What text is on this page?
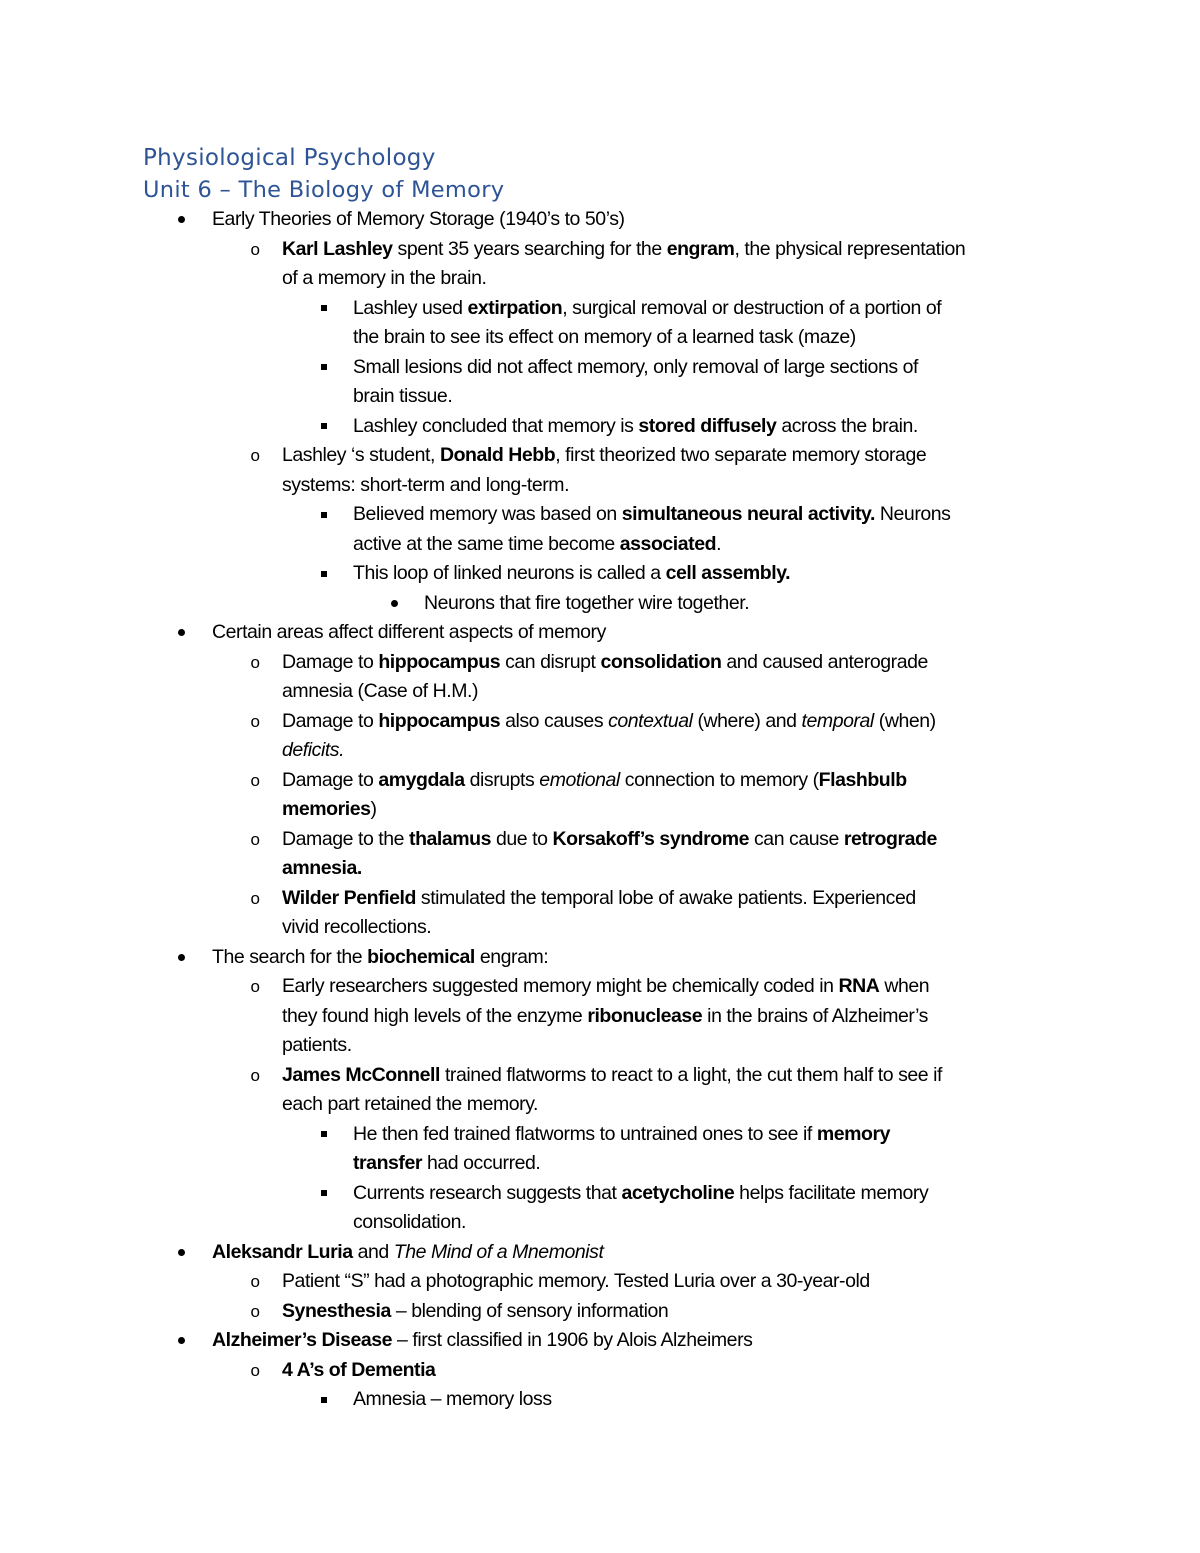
Physiological Psychology
Unit 6 – The Biology of Memory
Early Theories of Memory Storage (1940’s to 50’s)
o Karl Lashley spent 35 years searching for the engram, the physical representation
of a memory in the brain.
Lashley used extirpation, surgical removal or destruction of a portion of
the brain to see its effect on memory of a learned task (maze)
Small lesions did not affect memory, only removal of large sections of
brain tissue.
Lashley concluded that memory is stored diffusely across the brain.
o Lashley ‘s student, Donald Hebb, first theorized two separate memory storage
systems: short-term and long-term.
Believed memory was based on simultaneous neural activity. Neurons
active at the same time become associated.
This loop of linked neurons is called a cell assembly.
Neurons that fire together wire together.
Certain areas affect different aspects of memory
o Damage to hippocampus can disrupt consolidation and caused anterograde
amnesia (Case of H.M.)
o Damage to hippocampus also causes contextual (where) and temporal (when)
deficits.
o Damage to amygdala disrupts emotional connection to memory (Flashbulb
memories)
o Damage to the thalamus due to Korsakoff’s syndrome can cause retrograde
amnesia.
o Wilder Penfield stimulated the temporal lobe of awake patients. Experienced
vivid recollections.
The search for the biochemical engram:
o Early researchers suggested memory might be chemically coded in RNA when
they found high levels of the enzyme ribonuclease in the brains of Alzheimer’s
patients.
o James McConnell trained flatworms to react to a light, the cut them half to see if
each part retained the memory.
He then fed trained flatworms to untrained ones to see if memory
transfer had occurred.
Currents research suggests that acetycholine helps facilitate memory
consolidation.
Aleksandr Luria and The Mind of a Mnemonist
o Patient “S” had a photographic memory. Tested Luria over a 30-year-old
o Synesthesia – blending of sensory information
Alzheimer’s Disease – first classified in 1906 by Alois Alzheimers
o 4 A’s of Dementia
Amnesia – memory loss
